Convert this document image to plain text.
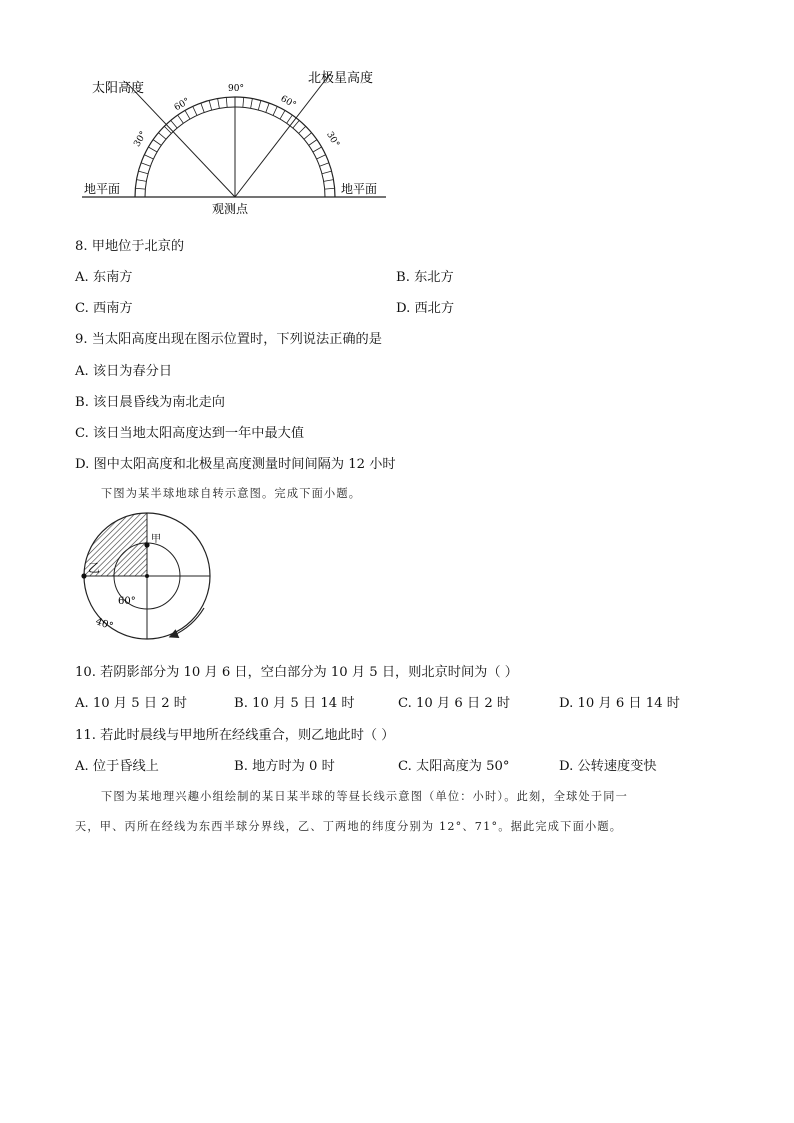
太阳高度
北极星高度
地平面	地平面
观测点
90°
60°	60°
30°	30°
8. 甲地位于北京的
A. 东南方	B. 东北方
C. 西南方	D. 西北方
9. 当太阳高度出现在图示位置时，下列说法正确的是
A. 该日为春分日
B. 该日晨昏线为南北走向
C. 该日当地太阳高度达到一年中最大值
D. 图中太阳高度和北极星高度测量时间间隔为 12 小时
下图为某半球地球自转示意图。完成下面小题。
甲
乙
60°
40°
10. 若阴影部分为 10 月 6 日，空白部分为 10 月 5 日，则北京时间为（ ）
A. 10 月 5 日 2 时	B. 10 月 5 日 14 时	C. 10 月 6 日 2 时	D. 10 月 6 日 14 时
11. 若此时晨线与甲地所在经线重合，则乙地此时（ ）
A. 位于昏线上	B. 地方时为 0 时	C. 太阳高度为 50°	D. 公转速度变快
下图为某地理兴趣小组绘制的某日某半球的等昼长线示意图（单位：小时）。此刻，全球处于同一
天，甲、丙所在经线为东西半球分界线，乙、丁两地的纬度分别为 12°、71°。据此完成下面小题。
